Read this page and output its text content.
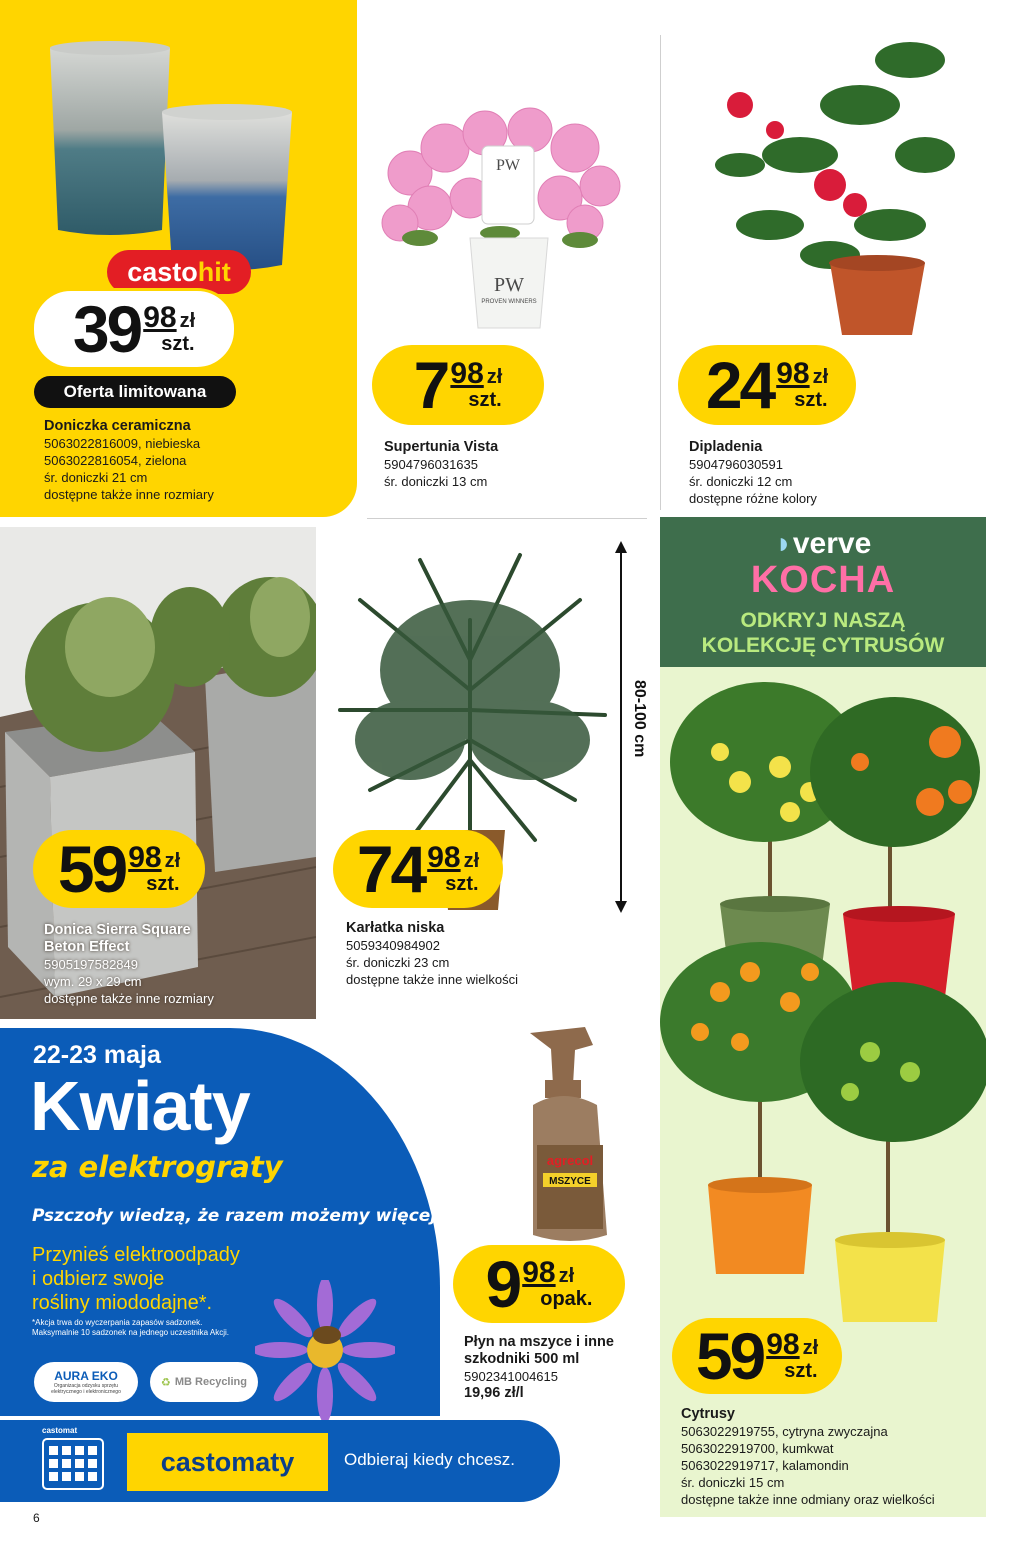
casto hit
39 98 zł
szt.
Oferta limitowana
Doniczka ceramiczna
5063022816009, niebieska
5063022816054, zielona
śr. doniczki 21 cm
dostępne także inne rozmiary
PW
PW
PROVEN WINNERS
7 98 zł
szt.
Supertunia Vista
5904796031635
śr. doniczki 13 cm
24 98 zł
szt.
Dipladenia
5904796030591
śr. doniczki 12 cm
dostępne różne kolory
59 98 zł
szt.
Donica Sierra Square
Beton Effect
5905197582849
wym. 29 x 29 cm
dostępne także inne rozmiary
80-100 cm
74 98 zł
szt.
Karłatka niska
5059340984902
śr. doniczki 23 cm
dostępne także inne wielkości
◗verve
KOCHA
ODKRYJ NASZĄ
KOLEKCJĘ CYTRUSÓW
59 98 zł
szt.
Cytrusy
5063022919755, cytryna zwyczajna
5063022919700, kumkwat
5063022919717, kalamondin
śr. doniczki 15 cm
dostępne także inne odmiany oraz wielkości
agrecol
MSZYCE
9 98 zł
opak.
Płyn na mszyce i inne
szkodniki 500 ml
5902341004615
19,96 zł/l
22-23 maja
Kwiaty
za elektrograty
Pszczoły wiedzą, że razem możemy więcej!
Przynieś elektroodpady
i odbierz swoje
rośliny miododajne*.
*Akcja trwa do wyczerpania zapasów sadzonek. Maksymalnie 10 sadzonek na jednego uczestnika Akcji.
AURA EKO
Organizacja odzysku sprzętu elektrycznego i elektronicznego
♻ MB Recycling
castomat
castomaty	Odbieraj kiedy chcesz.
6
